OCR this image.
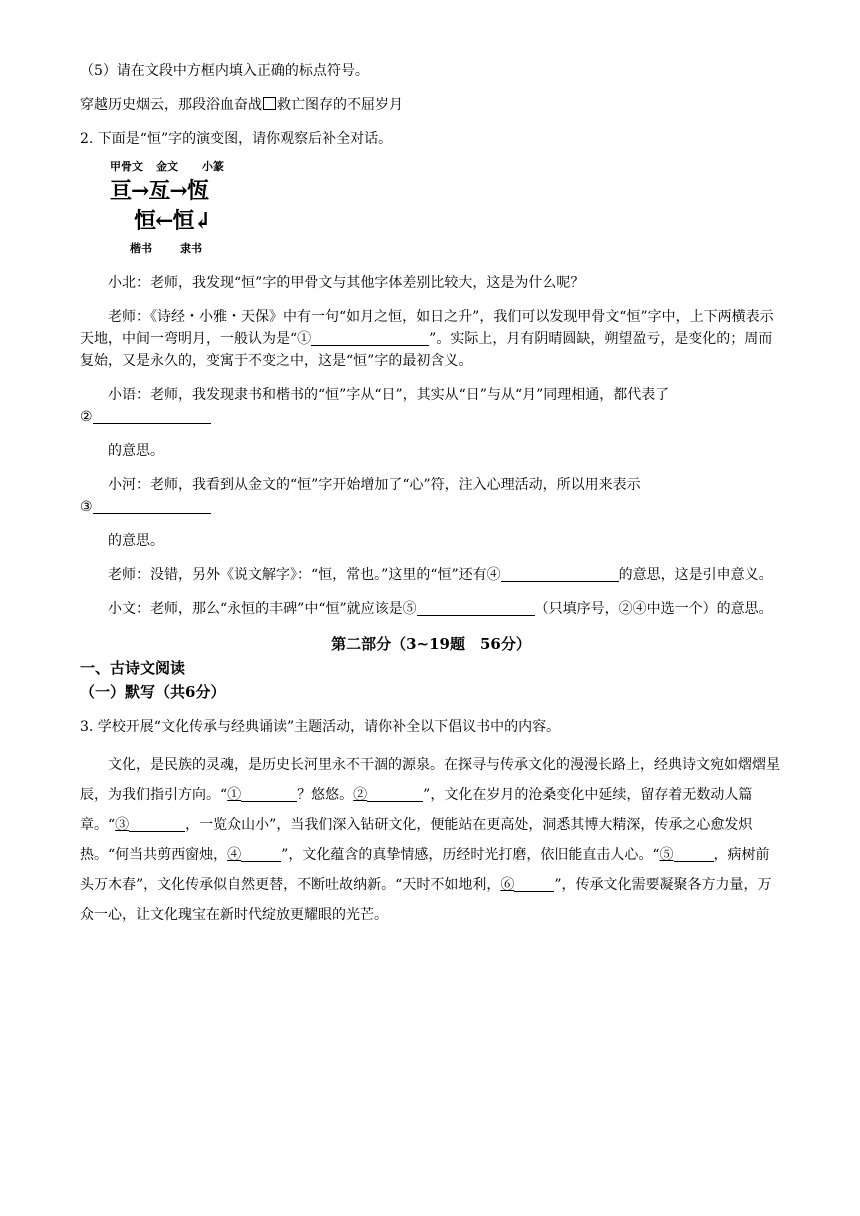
（5）请在文段中方框内填入正确的标点符号。

穿越历史烟云，那段浴血奋战 救亡图存的不屈岁月

2. 下面是“恒”字的演变图，请你观察后补全对话。

甲骨文 金文 小篆
亘→亙→恆
恒←恒↲
楷书	隶书

小北：老师，我发现“恒”字的甲骨文与其他字体差别比较大，这是为什么呢？

老师：《诗经・小雅・天保》中有一句“如月之恒，如日之升”，我们可以发现甲骨文“恒”字中，上下两横表示天地，中间一弯明月，一般认为是“①	”。实际上，月有阴晴圆缺，朔望盈亏，是变化的；周而复始，又是永久的，变寓于不变之中，这是“恒”字的最初含义。

小语：老师，我发现隶书和楷书的“恒”字从“日”，其实从“日”与从“月”同理相通，都代表了

②

的意思。

小河：老师，我看到从金文的“恒”字开始增加了“心”符，注入心理活动，所以用来表示

③

的意思。

老师：没错，另外《说文解字》：“恒，常也。”这里的“恒”还有④	的意思，这是引申意义。

小文：老师，那么“永恒的丰碑”中“恒”就应该是⑤	（只填序号，②④中选一个）的意思。

第二部分（3~19题　56分）
一、古诗文阅读
（一）默写（共6分）

3. 学校开展“文化传承与经典诵读”主题活动，请你补全以下倡议书中的内容。

文化，是民族的灵魂，是历史长河里永不干涸的源泉。在探寻与传承文化的漫漫长路上，经典诗文宛如熠熠星辰，为我们指引方向。“①	？悠悠。②	”，文化在岁月的沧桑变化中延续，留存着无数动人篇章。“③	，一览众山小”，当我们深入钻研文化，便能站在更高处，洞悉其博大精深，传承之心愈发炽热。“何当共剪西窗烛，④	”，文化蕴含的真挚情感，历经时光打磨，依旧能直击人心。“⑤	，病树前头万木春”，文化传承似自然更替，不断吐故纳新。“天时不如地利，⑥	”，传承文化需要凝聚各方力量，万众一心，让文化瑰宝在新时代绽放更耀眼的光芒。
